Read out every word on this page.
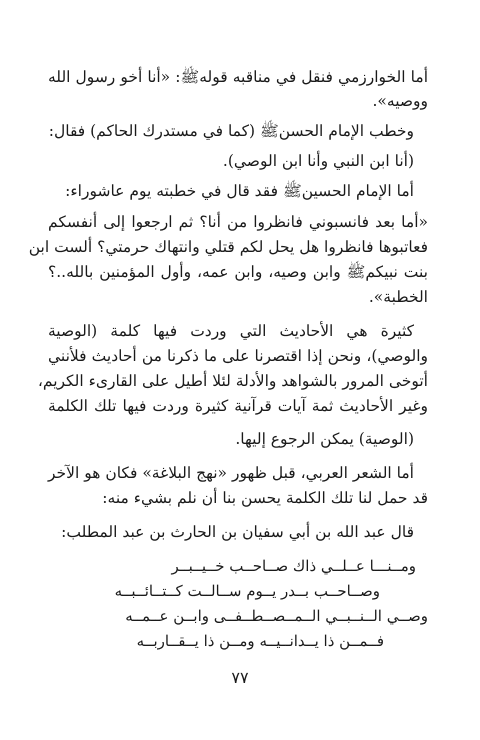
أما الخوارزمي فنقل في مناقبه قولهﷺ: «أنا أخو رسول الله
ووصيه».
وخطب الإمام الحسنﷺ (كما في مستدرك الحاكم) فقال:
(أنا ابن النبي وأنا ابن الوصي).
أما الإمام الحسينﷺ فقد قال في خطبته يوم عاشوراء:
«أما بعد فانسبوني فانظروا من أنا؟ ثم ارجعوا إلى أنفسكم
فعاتبوها فانظروا هل يحل لكم قتلي وانتهاك حرمتي؟ ألست ابن
بنت نبيكمﷺ وابن وصيه، وابن عمه، وأول المؤمنين بالله..؟
الخطبة».
كثيرة هي الأحاديث التي وردت فيها كلمة (الوصية
والوصي)، ونحن إذا اقتصرنا على ما ذكرنا من أحاديث فلأنني
أتوخى المرور بالشواهد والأدلة لئلا أطيل على القارىء الكريم،
وغير الأحاديث ثمة آيات قرآنية كثيرة وردت فيها تلك الكلمة
(الوصية) يمكن الرجوع إليها.
أما الشعر العربي، قبل ظهور «نهج البلاغة» فكان هو الآخر
قد حمل لنا تلك الكلمة يحسن بنا أن نلم بشيء منه:
قال عبد الله بن أبي سفيان بن الحارث بن عبد المطلب:
ومــنـــا عــلــي ذاك صــاحــب خــيــبــر
وصــاحــب بــدر يــوم ســالــت كــتــائــبــه
وصــي الــنــبــي الــمــصــطــفــى وابــن عــمــه
فــمــن ذا يــدانــيــه ومــن ذا يــقــاربــه
٧٧
